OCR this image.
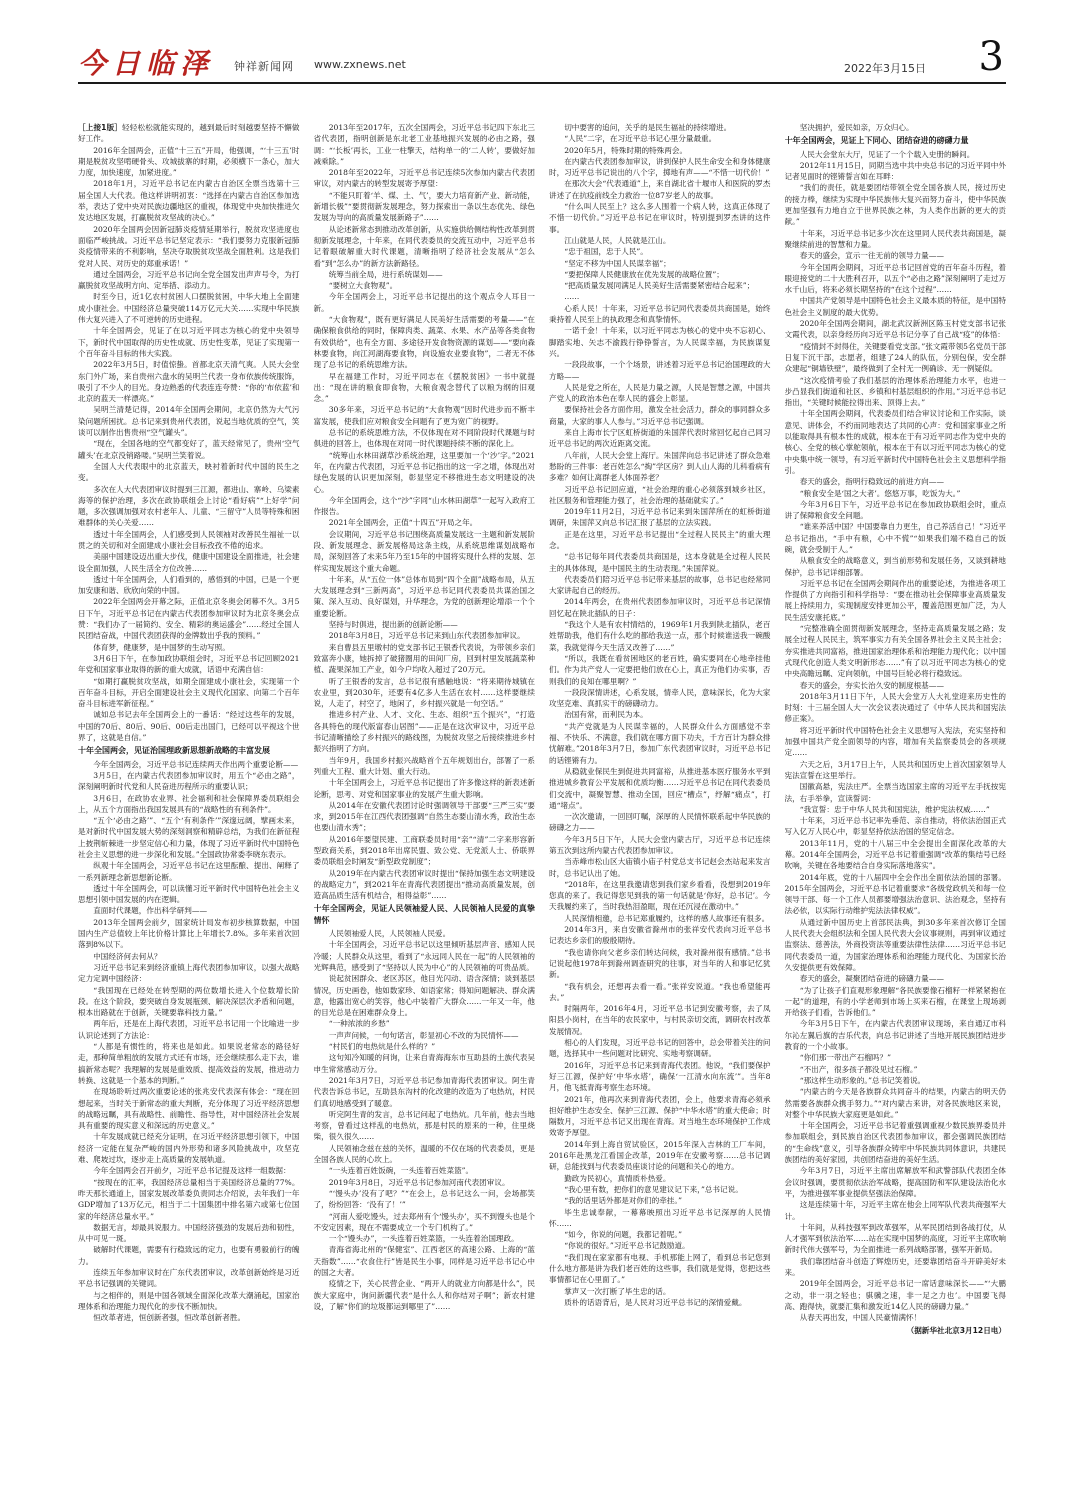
今日临泽 钟祥新闻网 www.zxnews.net	2022年3月15日 3

［上接1版］轻轻松松就能实现的，越到最后时刻越要坚持不懈做好工作。

2016年全国两会，正值“十三五”开局，他强调，“‘十三五’时期是脱贫攻坚啃硬骨头、攻城拔寨的时期，必须横下一条心，加大力度，加快速度，加紧进度。”

2018年1月，习近平总书记在内蒙古自治区全票当选第十三届全国人大代表。他这样讲明初衷：“选择在内蒙古自治区参加选举，表达了党中央对民族边疆地区的重视，体现党中央加快推进欠发达地区发展，打赢脱贫攻坚战的决心。”

2020年全国两会因新冠肺炎疫情延期举行，脱贫攻坚进度也面临严峻挑战。习近平总书记坚定表示：“我们要努力克服新冠肺炎疫情带来的不利影响，坚决夺取脱贫攻坚战全面胜利。这是我们党对人民、对历史的郑重承诺！”

通过全国两会，习近平总书记向全党全国发出声声号令，为打赢脱贫攻坚战明方向、定举措、添动力。

时至今日，近1亿农村贫困人口摆脱贫困，中华大地上全面建成小康社会。中国经济总量突破114万亿元大关……实现中华民族伟大复兴进入了不可逆转的历史进程。

十年全国两会，见证了在以习近平同志为核心的党中央领导下，新时代中国取得的历史性成就、历史性变革，见证了实现第一个百年奋斗目标的伟大实践。

2022年3月5日，时值惊蛰。首都北京天清气爽。人民大会堂东门外广场，来自贵州六盘水的吴明兰代表一身布依族传统服饰，吸引了不少人的目光。身边熟悉的代表连连夸赞：“你的‘布依蓝’和北京的蓝天一样漂亮。”

吴明兰清楚记得，2014年全国两会期间，北京仍然为大气污染问题所困扰。总书记来到贵州代表团，说起当地优质的空气，笑谈可以制作出售贵州“空气罐头”。

“现在，全国各地的空气都变好了，蓝天经常见了，贵州‘空气罐头’在北京没销路喽。”吴明兰笑着说。

全国人大代表眼中的北京蓝天，映衬着新时代中国的民生之变。

多次在人大代表团审议时提到三江源，都进山、寨岭、乌梁素海等的保护治理，多次在政协联组会上讨论“看好病”“上好学”问题，多次强调加强对农村老年人、儿童、“三留守”人员等特殊和困难群体的关心关爱……

透过十年全国两会，人们感受到人民领袖对改善民生福祉一以贯之的关切和对全面建成小康社会目标孜孜不倦的追求。

美丽中国建设迈出重大步伐，健康中国建设全面推进，社会建设全面加强，人民生活全方位改善……

透过十年全国两会，人们看到的，感悟到的中国，已是一个更加安康和谐、欣欣向荣的中国。

2022年全国两会开幕之际，正值北京冬奥会闭幕不久。3月5日下午，习近平总书记在内蒙古代表团参加审议时为北京冬奥会点赞：“我们办了一届简约、安全、精彩的奥运盛会”……经过全国人民团结奋战，中国代表团获得的金牌数出乎我的预料。”

体育梦，健康梦，是中国梦的生动写照。

3月6日下午，在参加政协联组会时，习近平总书记回顾2021年党和国家事业取得的新的重大成就，话语中充满自信：

“如期打赢脱贫攻坚战，如期全面建成小康社会，实现第一个百年奋斗目标，开启全面建设社会主义现代化国家、向第二个百年奋斗目标进军新征程。”

诚如总书记去年全国两会上的一番话：“经过这些年的发展，中国的70后、80后、90后、00后走出国门，已经可以平视这个世界了，这就是自信。”

十年全国两会，见证治国理政新思想新战略的丰富发展

今年全国两会，习近平总书记连续两天作出两个重要论断——

3月5日，在内蒙古代表团参加审议时，用五个“必由之路”，深刻阐明新时代党和人民奋进历程所示的重要认识；

3月6日，在政协农业界、社会福利和社会保障界委员联组会上，从五个方面指出我国发展具有的“战略性的有利条件”。

“五个‘必由之路’”、“五个‘有利条件’”深邃远阔，擘画未来，是对新时代中国发展大势的深刻洞察和精辟总结，为我们在新征程上披荆斩棘进一步坚定信心和力量，体现了习近平新时代中国特色社会主义思想的进一步深化和发展。”全国政协常委李晓东表示。

纵观十年全国两会，习近平总书记在这里酝酿、提出、阐释了一系列新理念新思想新论断。

透过十年全国两会，可以读懂习近平新时代中国特色社会主义思想引领中国发展的内在逻辑。

直面时代课题，作出科学研判——

2013年全国两会前夕，国家统计局发布初步核算数据，中国国内生产总值较上年比价格计算比上年增长7.8%。多年来首次回落到8%以下。

中国经济何去何从？

习近平总书记来到经济重镇上海代表团参加审议，以强大战略定力定调中国经济：

“我国现在已经处在转型期的两位数增长进入个位数增长阶段。在这个阶段，要突破自身发展瓶颈、解决深层次矛盾和问题，根本出路就在于创新，关键要靠科技力量。”

两年后，还是在上海代表团，习近平总书记用一个比喻进一步认识论述到了方法论：

“人都是有惯性的，将来也是如此。如果说老常态的路径好走，那种简单粗放的发展方式还有市场，还会继续那么走下去，谁搞新常态呢？我理解的发展是重效质、提高效益的发展，推进动力转换、这就是一个基本的判断。”

在现场聆听过两次重要论述的张兆安代表深有体会：“现在回想起来，当时关于新常态的重大判断，充分体现了习近平经济思想的战略远瞩，具有战略性、前瞻性、指导性，对中国经济社会发展具有重要的现实意义和深远的历史意义。”

十年发展成就已经充分证明，在习近平经济思想引领下，中国经济一定能在复杂严峻的国内外形势和诸多风险挑战中，攻坚克难、爬坡过坎，逐步走上高质量的发展轨道。

今年全国两会召开前夕，习近平总书记提及这样一组数据：

“按现在的汇率，我国经济总量相当于美国经济总量的77%。昨天那长通道上，国家发展改革委负责同志介绍说，去年我们一年GDP增加了13万亿元，相当于二十国集团中排名第六或第七位国家的年经济总量水平。”

数据无言，却最具说服力。中国经济强劲的发展后劲和韧性，从中可见一斑。

破解时代课题，需要有行稳致远的定力，也要有勇毅前行的魄力。

连续五年参加审议时在广东代表团审议，改革创新始终是习近平总书记强调的关键词。

与之相伴的，则是中国各领域全面深化改革大潮涌起，国家治理体系和治理能力现代化的步伐不断加快。

恒改革者进，恒创新者强，恒改革创新者胜。

2013年至2017年，五次全国两会，习近平总书记四下东北三省代表团，指明创新是东北老工业基地振兴发展的必由之路，强调：“‘长板’再长，工业一柱擎天，结构单一的‘二人转’，要做好加减乘除。”

2018年至2022年，习近平总书记连续5次参加内蒙古代表团审议，对内蒙古的转型发展寄予厚望：

“不能只盯着‘羊、煤、土、气’，要大力培育新产业、新动能，新增长极”“要贯彻新发展理念，努力探索出一条以生态优先、绿色发展为导向的高质量发展新路子”……

从论述新常态到推动改革创新，从实施供给侧结构性改革到贯彻新发展理念，十年来，在同代表委员的交流互动中，习近平总书记着眼破解重大时代课题，清晰指明了经济社会发展从“怎么看”到“怎么办”的新方法新路径。

统筹当前全局，进行系统谋划——

“要树立大食物观”。

今年全国两会上，习近平总书记提出的这个观点令人耳目一新。

“大食物观”，既有更好满足人民美好生活需要的考量——“在确保粮食供给的同时，保障肉类、蔬菜、水果、水产品等各类食物有效供给”，也有全方面、多途径开发食物资源的谋划——“要向森林要食物，向江河湖海要食物，向设施农业要食物”，二者无不体现了总书记的系统思维方法。

早在福建工作时，习近平同志在《摆脱贫困》一书中就提出：“现在讲的粮食即食物，大粮食观念替代了以粮为纲的旧观念。”

30多年来，习近平总书记的“大食物观”因时代进步而不断丰富发展，使我们应对粮食安全问题有了更为宽广的视野。

总书记的系统思维方法，不仅体现在对不同阶段时代课题与时俱进的回答上，也体现在对同一时代课题持续不断的深化上。

“统筹山水林田湖草沙系统治理，这里要加一个‘沙’字。”2021年，在内蒙古代表团，习近平总书记指出的这一字之增，体现出对绿色发展的认识更加深刻，彰显坚定不移推进生态文明建设的决心。

今年全国两会，这个“沙”字同“山水林田湖草”一起写入政府工作报告。

2021年全国两会，正值“十四五”开局之年。

会议期间，习近平总书记围绕高质量发展这一主题和新发展阶段、新发展理念、新发展格局这条主线，从系统思维谋划战略布局，深刻回答了未来5年乃至15年的中国将实现什么样的发展、怎样实现发展这个重大命题。

十年来，从“五位一体”总体布局到“四个全面”战略布局，从五大发展理念到“三新两高”，习近平总书记同代表委员共谋治国之策、深入互动、良好谋划，升华理念，为党的创新理论增添一个个重要论断。

坚持与时俱进，提出新的创新论断——

2018年3月8日，习近平总书记来到山东代表团参加审议。

来自曹县五里墩村的党支部书记王银香代表说，为带领乡亲们致富奔小康，她拆掉了破猪圈用的田间厂房，回到村里发展蔬菜种植、蔬果深加工产业，如今户均收入超过了20万元。

听了王银香的发言，总书记很有感触地说：“将来期待城镇在农业里，到2030年，还要有4亿多人生活在农村……这样要继续说，人走了，村空了，地闲了，乡村振兴就是一句空话。”

推进乡村产业、人才、文化、生态、组织“五个振兴”，“打造各具特色的现代版富春山居图”——正是在这次审议中，习近平总书记清晰描绘了乡村振兴的路线图，为脱贫攻坚之后接续推进乡村振兴指明了方向。

当年9月，我国乡村振兴战略首个五年规划出台，部署了一系列重大工程、重大计划、重大行动。

十年全国两会上，习近平总书记提出了许多像这样的新表述新论断，思考、对党和国家事业的发展产生重大影响。

从2014年在安徽代表团讨论时强调领导干部要“三严三实”要求，到2015年在江西代表团强调“自然生态要山清水秀，政治生态也要山清水秀”；

从2016年要望民建、工商联委员时用“亲”“清”二字来形容新型政商关系，到2018年出席民盟、致公党、无党派人士、侨联界委员联组会时阐发“新型政党制度”；

从2019年在内蒙古代表团审议时提出“保持加强生态文明建设的战略定力”，到2021年在青海代表团提出“推动高质量发展，创造高品质生活有机结合，相得益彰”……

十年全国两会，见证人民领袖爱人民、人民领袖人民爱的真挚情怀

人民领袖爱人民，人民领袖人民爱。

十年全国两会，习近平总书记以这里倾听基层声音、感知人民冷暖；人民群众从这里，看到了“永远同人民在一起”的人民领袖的光辉典范，感受到了“坚持以人民为中心”的人民领袖的可贵品质。

说起贫困群众、老区苏区，他目光闪动、语含深情；谈到基层情况，历史画卷，他如数家珍、如语家常；得知问题解决、群众满意，他露出宽心的笑容，他心中装着广大群众……一年又一年，他的目光总是在困难群众身上。

“一种浓浓的乡愁”

一声声问候，一句句诺言，彰显初心不改的为民情怀——

“村民们的电热炕是什么样的？”

这句知冷知暖的问询，让来自青海海东市互助县的土族代表吴申生常常感动万分。

2021年3月7日，习近平总书记参加青海代表团审议。阿生青代表告诉总书记，互助县东沟村的化改建的改造为了电热炕，村民们真切地感受到了暖意。

听完阿生青的发言，总书记问起了电热炕。几年前，他去当地考察，曾看过这样乱的电热炕，那是村民的原来的一种，住里烧柴，很久很久……

人民领袖念兹在兹的关怀，温暖的不仅在场的代表委员，更是全国各族人民的心坎上。

“一头连着百姓饭碗，一头连着百姓菜篮”。

2019年3月8日，习近平总书记参加河南代表团审议。

“‘馒头办’没有了吧？”“在会上，总书记这么一问，会场都笑了，纷纷回答：‘没有了！’”

“河南人爱吃馒头，过去郑州有个‘馒头办’，买不到馒头也是个不安定因素，现在不需要成立一个专门机构了。”

一个“馒头办”，一头连着百姓菜篮，一头连着治国理政。

青海省海北州的“保健室”、江西老区的高速公路、上海的“蓝天指数”……“衣食住行”皆是民生小事，同样是习近平总书记心中的国之大者。

疫情之下，关心民营企业、“两开人的就业方向都是什么”，民族大家庭中，询问新疆代表“是什么人和你结对子啊”；新农村建设，了解“你们的垃圾都运到哪里了”……

切中要害的追问，关乎的是民生福祉的持续增进。

“人民”二字，在习近平总书记心里分量最重。

2020年5月，特殊时期的特殊两会。

在内蒙古代表团参加审议，讲到保护人民生命安全和身体健康时，习近平总书记说出的八个字，掷地有声——“不惜一切代价！”

在那次大会“代表通道”上，来自湖北省十堰市人和医院的罗杰讲述了在抗疫前线全力救治一位87岁老人的故事。

“什么叫人民至上？这么多人围着一个病人转，这真正体现了不惜一切代价。”习近平总书记在审议时，特别提到罗杰讲的这件事。

江山就是人民，人民就是江山。

“忠于祖国，忠于人民”。

“坚定不移为中国人民谋幸福”；

“要把保障人民健康放在优先发展的战略位置”；

“把高质量发展同满足人民美好生活需要紧密结合起来”；

……

心系人民！十年来，习近平总书记同代表委员共商国是，始终秉持着人民至上的执政理念和真挚情怀。

一诺千金！十年来，以习近平同志为核心的党中央不忘初心、脚踏实地、矢志不渝践行铮铮誓言，为人民谋幸福，为民族谋复兴。

一段段故事，一个个场景，讲述着习近平总书记治国理政的大方略——

人民是党之所在，人民是力量之源，人民是智慧之源，中国共产党人的政治本色在奉人民的盛会上彰显。

要保持社会各方面作用，激发全社会活力，群众的事同群众多商量，大家的事人人参与。”习近平总书记强调。

来自上海市长宁区虹桥街道的朱国萍代表时常回忆起自己同习近平总书记的两次近距离交流。

八年前，人民大会堂上海厅。朱国萍向总书记讲述了群众急难愁盼的三件事：老百姓怎么“掏”学区房？到人山人海的儿科看病有多难？如何让离群老人体面养老？

习近平总书记回应道，“社会治理的重心必须落到城乡社区，社区服务和管理能力强了，社会治理的基础就实了。”

2019年11月2日，习近平总书记来到朱国萍所在的虹桥街道调研，朱国萍又向总书记汇报了基层的立法实践。

正是在这里，习近平总书记提出“全过程人民民主”的重大理念。

“总书记每年同代表委员共商国是，这本身就是全过程人民民主的具体体现，是中国民主的生动表现。”朱国萍说。

代表委员们陪习近平总书记带来基层的故事，总书记也经常同大家讲起自己的经历。

2014年两会，在贵州代表团参加审议时，习近平总书记深情回忆起在陕北插队的日子：

“我这个人是有农村情结的，1969年1月我到陕北插队，老百姓帮助我，他们有什么吃的都给我送一点，那个时候谁送我一碗酸菜，我就觉得今天生活又改善了……”

“所以，我既在看贫困地区的老百姓，确实要同在心地牵挂他们。作为共产党人一定要把他们放在心上，真正为他们办实事，否则我们的良知在哪里啊？”

一段段深情讲述，心系发展，情牵人民，意味深长，化为大家攻坚克难、真抓实干的磅礴动力。

治国有常，而利民为本。

“共产党就是为人民谋幸福的，人民群众什么方面感觉不幸福、不快乐、不满意，我们就在哪方面下功夫，千方百计为群众排忧解难。”2018年3月7日，参加广东代表团审议时，习近平总书记的话铿锵有力。

从稳就业保民生到促进共同富裕，从推进基本医疗服务水平到推进城乡教育公平发展和优质均衡……习近平总书记在同代表委员们交流中，凝聚智慧、推动全国，回应“槽点”，纾解“痛点”，打通“堵点”。

一次次邀请，一回回叮嘱，深厚的人民情怀联系起中华民族的磅礴之力——

今年3月5日下午，人民大会堂内蒙古厅，习近平总书记连续第五次到这所内蒙古代表团参加审议。

当赤峰市松山区大庙镇小庙子村党总支书记赵会杰站起来发言时，总书记认出了她。

“2018年，在这里我邀请您到我们家乡看看，没想到2019年您真的来了。我记得您见到我的第一句话就是‘你好，总书记’。今天我履约来了，当时我热泪盈眶，现在还沉浸在激动中。”

人民深情相邀，总书记郑重履约，这样的感人故事还有很多。

2014年3月，来自安徽省滁州市的张祥安代表向习近平总书记表达乡亲们的殷殷期待。

“我也请你向父老乡亲们转达问候，我对滁州很有感情。”总书记说起他1978年到滁州调查研究的往事，对当年的人和事记忆犹新。

“我有机会，还想再去看一看。”张祥安说道。“我也希望能再去。”

时隔两年，2016年4月，习近平总书记到安徽考察，去了凤阳县小岗村，在当年的农民家中，与村民亲切交流，调研农村改革发展情况。

相心的人们发现，习近平总书记的回答中，总会带着关注的问题，选择其中一些问题对比研究、实地考察调研。

2016年，习近平总书记来到青海代表团。他说，“我们要保护好三江源，保护好‘中华水塔’，确保‘一江清水向东流’”。当年8月，他飞抵青海考察生态环境。

2021年，他再次来到青海代表团，会上，他要求青海必须承担好维护生态安全、保护三江源、保护“中华水塔”的重大使命；时隔数月，习近平总书记又出现在青海。对当地生态环境保护工作成效寄予厚望。

2014年到上海自贸试验区，2015年深入吉林的工厂车间，2016年赴黑龙江看国企改革，2019年在安徽考察……总书记调研，总能找到与代表委员座谈讨论的问题和关心的地方。

勤政为民初心，真情质朴热爱。

“我心里有数，把你们的意见建议记下来，”总书记说。

“我的话里话外都是对你们的牵挂。”

毕生忠诚奉献，一幕幕映照出习近平总书记深厚的人民情怀……

“如今，你说的问题，我都记着呢。”

“你说的很好。”习近平总书记鼓励道。

“我们现在家家都有电视、手机那能上网了，看到总书记您到什么地方都是讲为我们老百姓的这些事，我们就是觉得，您把这些事情都记在心里面了。”

掌声又一次打断了毕生忠的话。

质朴的话语背后，是人民对习近平总书记的深情爱戴。

坚决拥护，爱民如亲，万众归心。

十年全国两会，见证上下同心、团结奋进的磅礴力量

人民大会堂东大厅，见证了一个个载入史册的瞬间。

2012年11月15日，同期当选中共中央总书记的习近平同中外记者见面时的铿锵誓言如在耳畔：

“我们的责任，就是要团结带领全党全国各族人民，接过历史的接力棒，继续为实现中华民族伟大复兴而努力奋斗，使中华民族更加坚强有力地自立于世界民族之林，为人类作出新的更大的贡献。”

十年来，习近平总书记多少次在这里同人民代表共商国是，凝聚继续前进的智慧和力量。

春天的盛会，宣示一往无前的领导力量——

今年全国两会期间，习近平总书记回首党的百年奋斗历程，着眼迎接党的二十大胜利召开，以五个“必由之路”深刻阐明了走过万水千山后，将来必须长期坚持的“在这个过程”……

中国共产党领导是中国特色社会主义最本质的特征，是中国特色社会主义制度的最大优势。

2020年全国两会期间，湖北武汉新洲区陈玉村党支部书记张文霞代表，以亲身经历向习近平总书记分享了自己战“疫”的体悟：

“疫情封不封得住，关键要看党支部。”张文霞带领5名党员干部日复下沉干部，志愿者，组建了24人的队伍，分别包保，安全群众建起“铜墙铁壁”，最终做到了全村无一例确诊、无一例疑似。

“这次疫情考验了我们基层的治理体系治理能力水平，也进一步凸显我们街道和社区、乡镇和村基层组织的作用。”习近平总书记指出，“关键时候能拉得出来、顶得上去。”

十年全国两会期间，代表委员们结合审议讨论和工作实际，谈意见、讲体会，不约而同地表达了共同的心声：党和国家事业之所以能取得具有根本性的成就，根本在于有习近平同志作为党中央的核心、全党的核心掌舵领航，根本在于有以习近平同志为核心的党中央集中统一领导，有习近平新时代中国特色社会主义思想科学指引。

春天的盛会，指明行稳致远的前进方向——

“粮食安全是‘国之大者’。悠悠万事，吃饭为大。”

今年3月6日下午，习近平总书记在参加政协联组会时，重点讲了保障粮食安全问题。

“谁来养活中国？中国要靠自力更生，自己养活自己！”习近平总书记指出，“手中有粮，心中不慌”“如果我们端不稳自己的饭碗，就会受制于人。”

从粮食安全的战略意义，到当前形势和发展任务，又谈到耕地保护，总书记详细部署。

习近平总书记在全国两会期间作出的重要论述，为推进各项工作提供了方向指引和科学指导：“要在推动社会保障事业高质量发展上持续用力，实现制度安排更加公平，覆盖范围更加广泛，为人民生活安康托底。”

“完整准确全面贯彻新发展理念，坚持走高质量发展之路；发展全过程人民民主，筑军事实力有关全国各界社会主义民主社会；夯实推进共同富裕，推进国家治理体系和治理能力现代化；以中国式现代化创造人类文明新形态……”有了以习近平同志为核心的党中央高瞻远瞩、定向领航，中国号巨轮必将行稳致远。

春天的盛会，夯实长治久安的制度根基——

2018年3月11日下午，人民大会堂万人大礼堂迎来历史性的时刻：十三届全国人大一次会议表决通过了《中华人民共和国宪法修正案》。

将习近平新时代中国特色社会主义思想写入宪法，充实坚持和加强中国共产党全面领导的内容，增加有关监察委员会的各项规定……

六天之后，3月17日上午，人民共和国历史上首次国家领导人宪法宣誓在这里举行。

国徽高悬，宪法庄严。全票当选国家主席的习近平左手抚按宪法，右手举拳，宣读誓词：

“我宣誓：忠于中华人民共和国宪法，维护宪法权威……”

十年来，习近平总书记率先垂范、亲自推动，将依法治国正式写入亿万人民心中，彰显坚持依法治国的坚定信念。

2013年11月，党的十八届三中全会提出全面深化改革的大幕。2014年全国两会，习近平总书记着重强调“改革的集结号已经吹响，关键在各地要结合自身实际落地落实”。

2014年底，党的十八届四中全会作出全面依法治国的部署。2015年全国两会，习近平总书记着重要求“各级党政机关和每一位领导干部、每一个工作人员都要增强法治意识、法治观念，坚持有法必依，以实际行动维护宪法法律权威”。

从通过新中国历史上首部民法典，到30多年来首次修订全国人民代表大会组织法和全国人民代表大会议事规则，再到审议通过监察法、慈善法，外商投资法等重要法律性法律……习近平总书记同代表委员一道，为国家治理体系和治理能力现代化、为国家长治久安提供更有效保障。

春天的盛会，凝聚团结奋进的磅礴力量——

“为了让孩子们直观形象理解“各民族要像石榴籽一样紧紧抱在一起”的道理，有的小学老师到市场上买来石榴，在课堂上现场剥开给孩子们看，告诉他们。”

今年3月5日下午，在内蒙古代表团审议现场，来自通辽市科尔沁左翼后旗的吉乐代表，向总书记讲述了当地开展民族团结进步教育的一个小故事。

“你们那一带出产石榴吗？”

“不出产，很多孩子都没见过石榴。”

“那这样生动形象的。”总书记笑着说。

“内蒙古的今天是各族群众共同奋斗的结果，内蒙古的明天仍然需要各族群众携手努力。”“对内蒙古来讲，对各民族地区来说，对整个中华民族大家庭更是如此。”

十年全国两会，习近平总书记着重强调重视少数民族界委员并参加联组会，到民族自治区代表团参加审议，都会强调民族团结的“生命线”意义，引导各族群众铸牢中华民族共同体意识，共建民族团结的美好家园，共创团结奋进的美好生活。

今年3月7日，习近平主席出席解放军和武警部队代表团全体会议时强调，要贯彻依法治军战略，提高国防和军队建设法治化水平，为推进强军事业提供坚强法治保障。

这是连续第十年，习近平主席在他会上同军队代表共商强军大计。

十年间，从科技强军到改革强军，从军民团结到各战打仗，从人才强军到依法治军……站在实现中国梦的高度，习近平主席吹响新时代伟大强军号，为全面推进一系列战略部署，强军开新局。

我们靠团结奋斗创造了辉煌历史，还要靠团结奋斗开辟美好未来。

2019年全国两会，习近平总书记一席话意味深长——“‘大鹏之动，非一羽之轻也；骐骥之速，非一足之力也’。中国要飞得高、跑得快，就要汇集和激发近14亿人民的磅礴力量。”

从春天再出发，中国人民豪情满怀！

（据新华社北京3月12日电）
